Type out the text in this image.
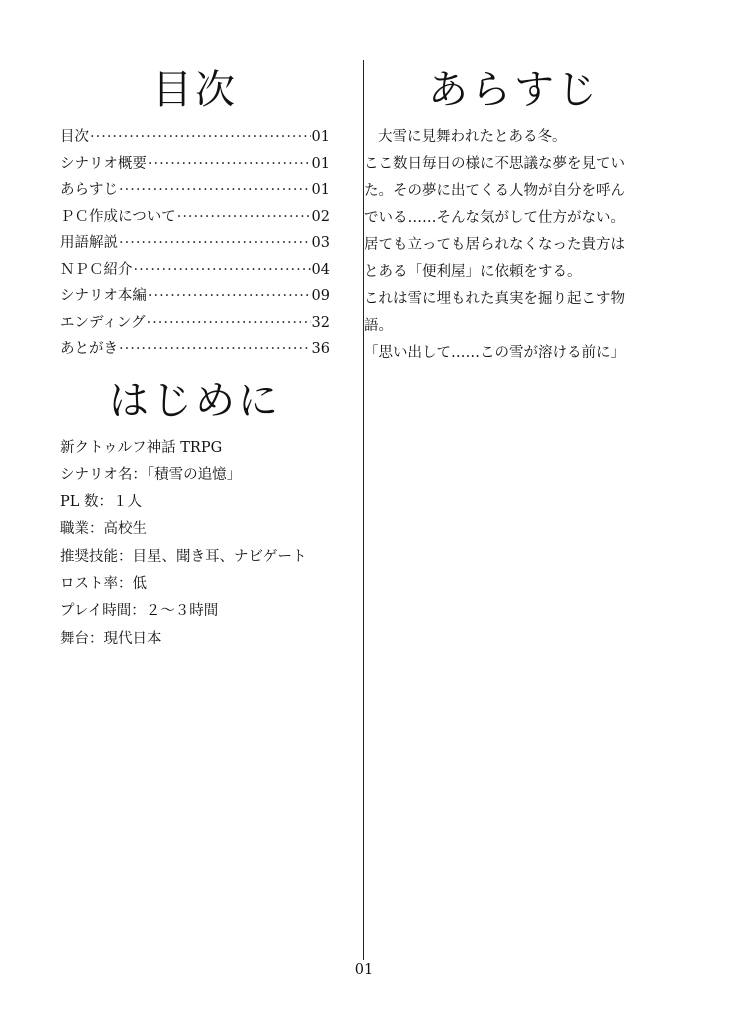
目次
目次 ·····	01
シナリオ概要 ·····	01
あらすじ ·····	01
ＰＣ作成について ·····	02
用語解説 ·····	03
ＮＰＣ紹介 ·····	04
シナリオ本編 ·····	09
エンディング ·····	32
あとがき ·····	36
はじめに
新クトゥルフ神話 TRPG
シナリオ名：「積雪の追憶」
PL 数：１人
職業：高校生
推奨技能：目星、聞き耳、ナビゲート
ロスト率：低
プレイ時間：２～３時間
舞台：現代日本
あらすじ

大雪に見舞われたとある冬。
ここ数日毎日の様に不思議な夢を見てい
た。その夢に出てくる人物が自分を呼ん
でいる……そんな気がして仕方がない。
居ても立っても居られなくなった貴方は
とある「便利屋」に依頼をする。
これは雪に埋もれた真実を掘り起こす物
語。
「思い出して……この雪が溶ける前に」

01
